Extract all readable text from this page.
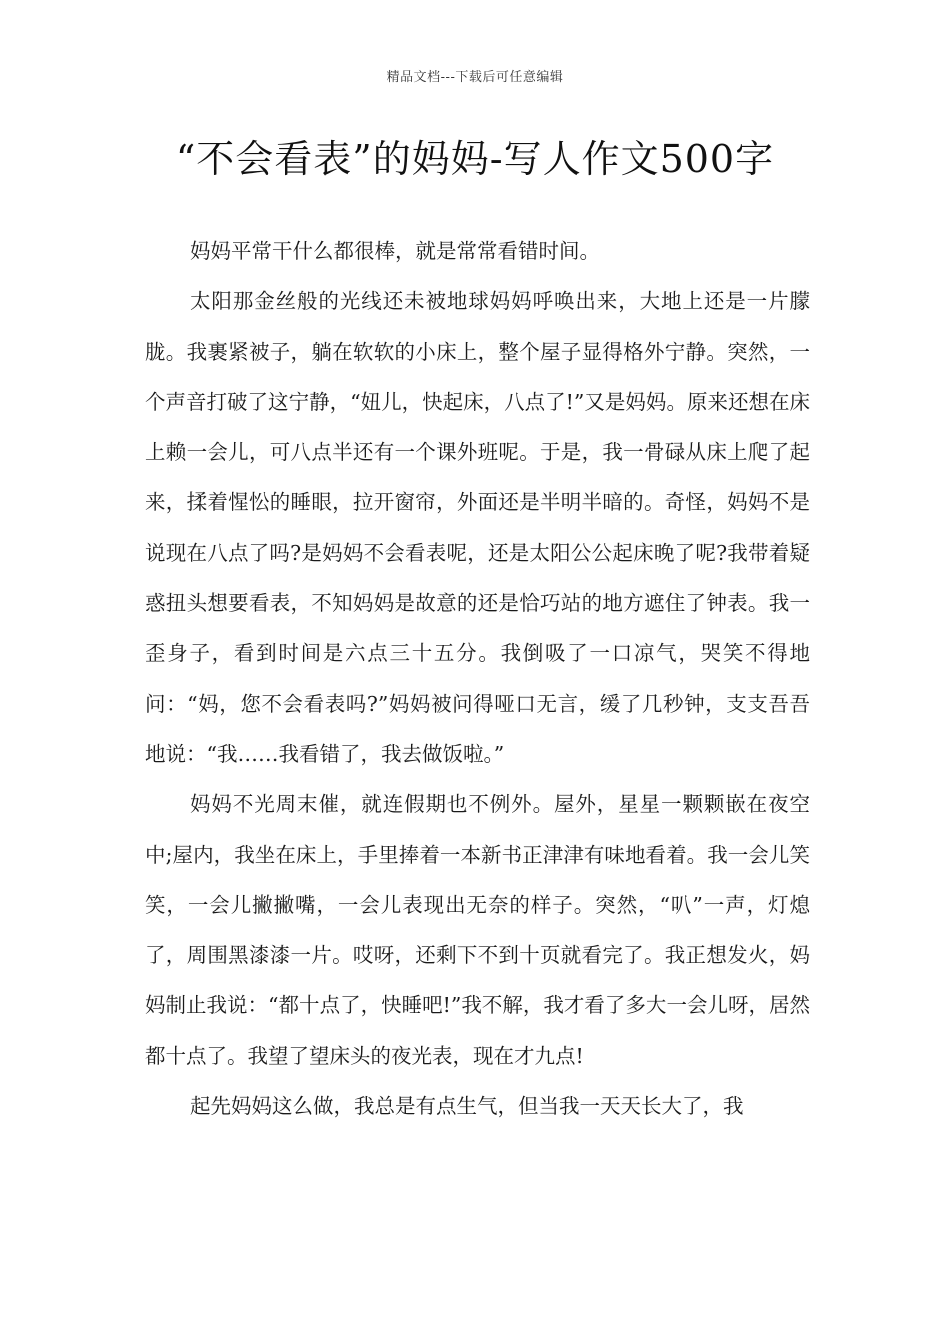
精品文档---下载后可任意编辑
“不会看表”的妈妈-写人作文500字

妈妈平常干什么都很棒，就是常常看错时间。

太阳那金丝般的光线还未被地球妈妈呼唤出来，大地上还是一片朦胧。我裹紧被子，躺在软软的小床上，整个屋子显得格外宁静。突然，一个声音打破了这宁静，“妞儿，快起床，八点了!”又是妈妈。原来还想在床上赖一会儿，可八点半还有一个课外班呢。于是，我一骨碌从床上爬了起来，揉着惺忪的睡眼，拉开窗帘，外面还是半明半暗的。奇怪，妈妈不是说现在八点了吗?是妈妈不会看表呢，还是太阳公公起床晚了呢?我带着疑惑扭头想要看表，不知妈妈是故意的还是恰巧站的地方遮住了钟表。我一歪身子，看到时间是六点三十五分。我倒吸了一口凉气，哭笑不得地问：“妈，您不会看表吗?”妈妈被问得哑口无言，缓了几秒钟，支支吾吾地说：“我……我看错了，我去做饭啦。”

妈妈不光周末催，就连假期也不例外。屋外，星星一颗颗嵌在夜空中;屋内，我坐在床上，手里捧着一本新书正津津有味地看着。我一会儿笑笑，一会儿撇撇嘴，一会儿表现出无奈的样子。突然，“叭”一声，灯熄了，周围黑漆漆一片。哎呀，还剩下不到十页就看完了。我正想发火，妈妈制止我说：“都十点了，快睡吧!”我不解，我才看了多大一会儿呀，居然都十点了。我望了望床头的夜光表，现在才九点!

起先妈妈这么做，我总是有点生气，但当我一天天长大了，我
